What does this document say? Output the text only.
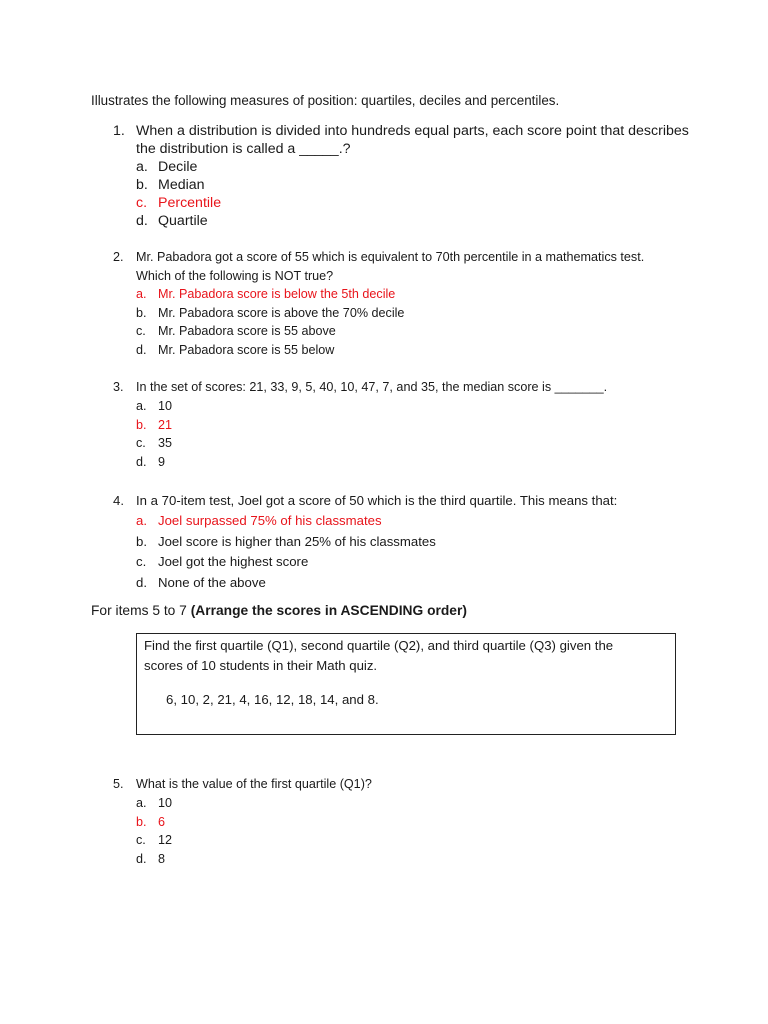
Illustrates the following measures of position: quartiles, deciles and percentiles.
1. When a distribution is divided into hundreds equal parts, each score point that describes
the distribution is called a _____.?
a. Decile
b. Median
c. Percentile
d. Quartile
2. Mr. Pabadora got a score of 55 which is equivalent to 70th percentile in a mathematics test.
Which of the following is NOT true?
a. Mr. Pabadora score is below the 5th decile
b. Mr. Pabadora score is above the 70% decile
c. Mr. Pabadora score is 55 above
d. Mr. Pabadora score is 55 below
3. In the set of scores: 21, 33, 9, 5, 40, 10, 47, 7, and 35, the median score is _______.
a. 10
b. 21
c. 35
d. 9
4. In a 70-item test, Joel got a score of 50 which is the third quartile. This means that:
a. Joel surpassed 75% of his classmates
b. Joel score is higher than 25% of his classmates
c. Joel got the highest score
d. None of the above
For items 5 to 7 (Arrange the scores in ASCENDING order)
Find the first quartile (Q1), second quartile (Q2), and third quartile (Q3) given the
scores of 10 students in their Math quiz.
6, 10, 2, 21, 4, 16, 12, 18, 14, and 8.
5. What is the value of the first quartile (Q1)?
a. 10
b. 6
c. 12
d. 8
